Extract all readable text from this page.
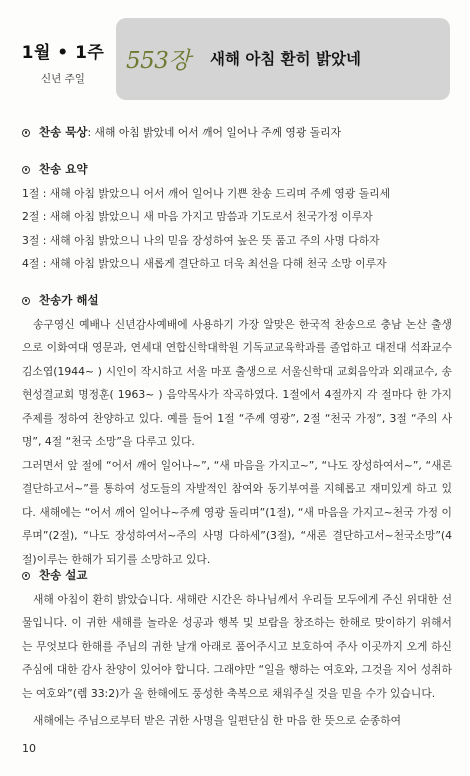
1월 • 1주
신년 주일
553장 새해 아침 환히 밝았네
찬송 묵상 : 새해 아침 밝았네 어서 깨어 일어나 주께 영광 돌리자
찬송 요약

1절 : 새해 아침 밝았으니 어서 깨어 일어나 기쁜 찬송 드리며 주께 영광 돌리세

2절 : 새해 아침 밝았으니 새 마음 가지고 맘씀과 기도로서 천국가정 이루자

3절 : 새해 아침 밝았으니 나의 믿음 장성하여 높은 뜻 품고 주의 사명 다하자

4절 : 새해 아침 밝았으니 새롭게 결단하고 더욱 최선을 다해 천국 소망 이루자

찬송가 해설

송구영신 예배나 신년감사예배에 사용하기 가장 알맞은 한국적 찬송으로 충남 논산 출생으로 이화여대 영문과, 연세대 연합신학대학원 기독교교육학과를 졸업하고 대전대 석좌교수 김소엽(1944~ ) 시인이 작시하고 서울 마포 출생으로 서울신학대 교회음악과 외래교수, 송현성결교회 명정훈( 1963~ ) 음악목사가 작곡하였다. 1절에서 4절까지 각 절마다 한 가지 주제를 정하여 찬양하고 있다. 예를 들어 1절 “주께 영광”, 2절 “천국 가정”, 3절 “주의 사명”, 4절 “천국 소망”을 다루고 있다.

그러면서 앞 절에 “어서 깨어 일어나~”, “새 마음을 가지고~”, “나도 장성하여서~”, “새론 결단하고서~”를 통하여 성도들의 자발적인 참여와 동기부여를 지혜롭고 재미있게 하고 있다. 새해에는 “어서 깨어 일어나~주께 영광 돌리며”(1절), “새 마음을 가지고~천국 가정 이루며”(2절), “나도 장성하여서~주의 사명 다하세”(3절), “새론 결단하고서~천국소망”(4절)이루는 한해가 되기를 소망하고 있다.

찬송 설교

새해 아침이 환히 밝았습니다. 새해란 시간은 하나님께서 우리들 모두에게 주신 위대한 선물입니다. 이 귀한 새해를 놀라운 성공과 행복 및 보람을 창조하는 한해로 맞이하기 위해서는 무엇보다 한해를 주님의 귀한 날개 아래로 품어주시고 보호하여 주사 이곳까지 오게 하신 주심에 대한 감사 찬양이 있어야 합니다. 그래야만 “일을 행하는 여호와, 그것을 지어 성취하는 여호와”(렘 33:2)가 올 한해에도 풍성한 축복으로 채워주실 것을 믿을 수가 있습니다.

새해에는 주님으로부터 받은 귀한 사명을 일편단심 한 마음 한 뜻으로 순종하여

10
